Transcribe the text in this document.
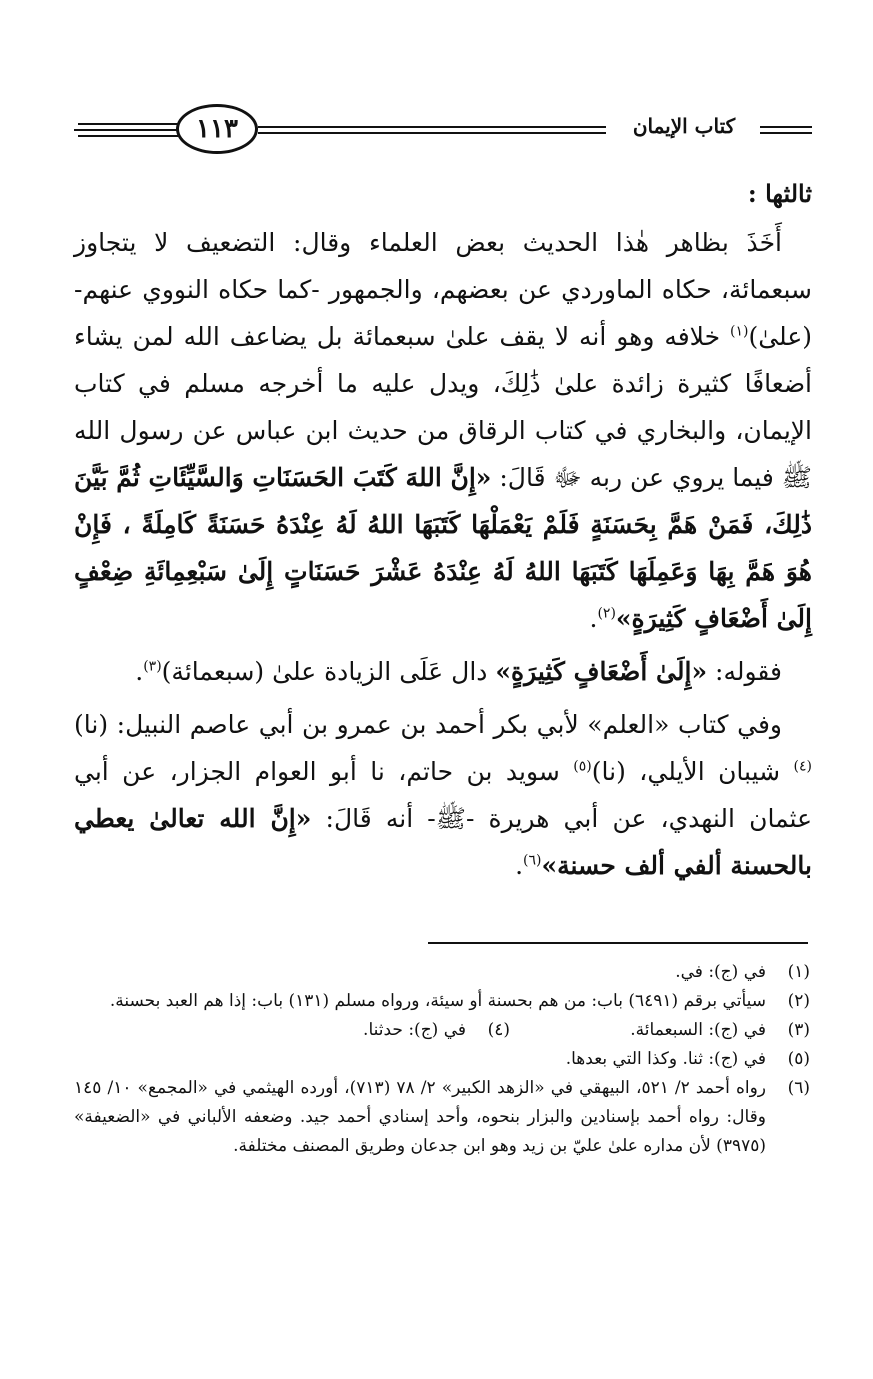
١١٣	كتاب الإيمان

ثالثها :

أَخَذَ بظاهر هٰذا الحديث بعض العلماء وقال: التضعيف لا يتجاوز سبعمائة، حكاه الماوردي عن بعضهم، والجمهور -كما حكاه النووي عنهم- (علىٰ)$^{(١)}$ خلافه وهو أنه لا يقف علىٰ سبعمائة بل يضاعف الله لمن يشاء أضعافًا كثيرة زائدة علىٰ ذَٰلِكَ، ويدل عليه ما أخرجه مسلم في كتاب الإيمان، والبخاري في كتاب الرقاق من حديث ابن عباس عن رسول الله ﷺ فيما يروي عن ربه ﷻ قَالَ: «إِنَّ اللهَ كَتَبَ الحَسَنَاتِ وَالسَّيِّئَاتِ ثُمَّ بَيَّنَ ذَٰلِكَ، فَمَنْ هَمَّ بِحَسَنَةٍ فَلَمْ يَعْمَلْهَا كَتَبَهَا اللهُ لَهُ عِنْدَهُ حَسَنَةً كَامِلَةً ، فَإِنْ هُوَ هَمَّ بِهَا وَعَمِلَهَا كَتَبَهَا اللهُ لَهُ عِنْدَهُ عَشْرَ حَسَنَاتٍ إِلَىٰ سَبْعِمِائَةِ ضِعْفٍ إِلَىٰ أَضْعَافٍ كَثِيرَةٍ»$^{(٢)}$.

فقوله: «إِلَىٰ أَضْعَافٍ كَثِيرَةٍ» دال عَلَى الزيادة علىٰ (سبعمائة)$^{(٣)}$.

وفي كتاب «العلم» لأبي بكر أحمد بن عمرو بن أبي عاصم النبيل: (نا)$^{(٤)}$ شيبان الأيلي، (نا)$^{(٥)}$ سويد بن حاتم، نا أبو العوام الجزار، عن أبي عثمان النهدي، عن أبي هريرة -ﷺ- أنه قَالَ: «إِنَّ الله تعالىٰ يعطي بالحسنة ألفي ألف حسنة»$^{(٦)}$.

(١)
في (ج): في.
(٢)
سيأتي برقم (٦٤٩١) باب: من هم بحسنة أو سيئة، ورواه مسلم (١٣١) باب: إذا هم العبد بحسنة.
(٣)
في (ج): السبعمائة.
(٤)
في (ج): حدثنا.
(٥)
في (ج): ثنا. وكذا التي بعدها.
(٦)
رواه أحمد ٢/ ٥٢١، البيهقي في «الزهد الكبير» ٢/ ٧٨ (٧١٣)، أورده الهيثمي في «المجمع» ١٠/ ١٤٥ وقال: رواه أحمد بإسنادين والبزار بنحوه، وأحد إسنادي أحمد جيد. وضعفه الألباني في «الضعيفة» (٣٩٧٥) لأن مداره علىٰ عليّ بن زيد وهو ابن جدعان وطريق المصنف مختلفة.
